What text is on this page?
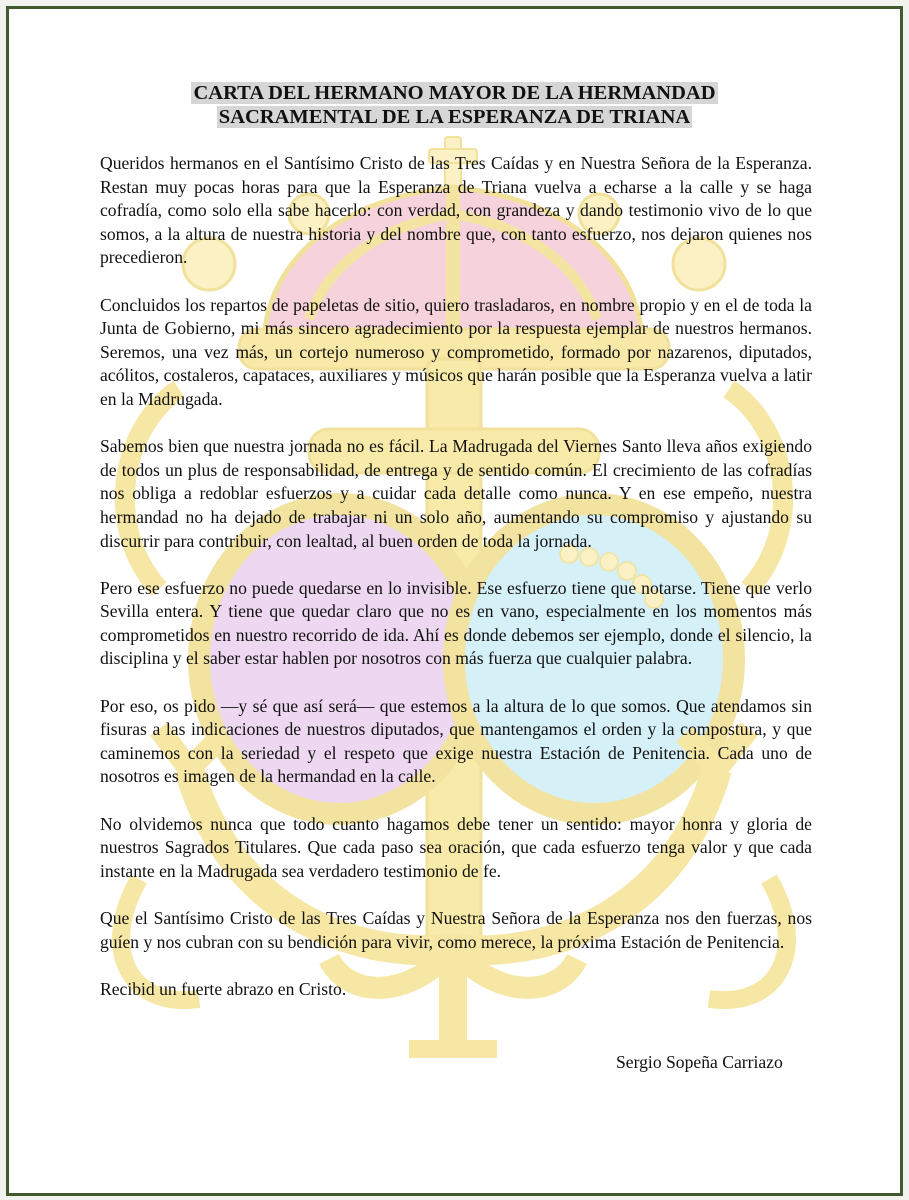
CARTA DEL HERMANO MAYOR DE LA HERMANDAD
SACRAMENTAL DE LA ESPERANZA DE TRIANA

Queridos hermanos en el Santísimo Cristo de las Tres Caídas y en Nuestra Señora de la Esperanza. Restan muy pocas horas para que la Esperanza de Triana vuelva a echarse a la calle y se haga cofradía, como solo ella sabe hacerlo: con verdad, con grandeza y dando testimonio vivo de lo que somos, a la altura de nuestra historia y del nombre que, con tanto esfuerzo, nos dejaron quienes nos precedieron.

Concluidos los repartos de papeletas de sitio, quiero trasladaros, en nombre propio y en el de toda la Junta de Gobierno, mi más sincero agradecimiento por la respuesta ejemplar de nuestros hermanos. Seremos, una vez más, un cortejo numeroso y comprometido, formado por nazarenos, diputados, acólitos, costaleros, capataces, auxiliares y músicos que harán posible que la Esperanza vuelva a latir en la Madrugada.

Sabemos bien que nuestra jornada no es fácil. La Madrugada del Viernes Santo lleva años exigiendo de todos un plus de responsabilidad, de entrega y de sentido común. El crecimiento de las cofradías nos obliga a redoblar esfuerzos y a cuidar cada detalle como nunca. Y en ese empeño, nuestra hermandad no ha dejado de trabajar ni un solo año, aumentando su compromiso y ajustando su discurrir para contribuir, con lealtad, al buen orden de toda la jornada.

Pero ese esfuerzo no puede quedarse en lo invisible. Ese esfuerzo tiene que notarse. Tiene que verlo Sevilla entera. Y tiene que quedar claro que no es en vano, especialmente en los momentos más comprometidos en nuestro recorrido de ida. Ahí es donde debemos ser ejemplo, donde el silencio, la disciplina y el saber estar hablen por nosotros con más fuerza que cualquier palabra.

Por eso, os pido —y sé que así será— que estemos a la altura de lo que somos. Que atendamos sin fisuras a las indicaciones de nuestros diputados, que mantengamos el orden y la compostura, y que caminemos con la seriedad y el respeto que exige nuestra Estación de Penitencia. Cada uno de nosotros es imagen de la hermandad en la calle.

No olvidemos nunca que todo cuanto hagamos debe tener un sentido: mayor honra y gloria de nuestros Sagrados Titulares. Que cada paso sea oración, que cada esfuerzo tenga valor y que cada instante en la Madrugada sea verdadero testimonio de fe.

Que el Santísimo Cristo de las Tres Caídas y Nuestra Señora de la Esperanza nos den fuerzas, nos guíen y nos cubran con su bendición para vivir, como merece, la próxima Estación de Penitencia.

Recibid un fuerte abrazo en Cristo.

Sergio Sopeña Carriazo
